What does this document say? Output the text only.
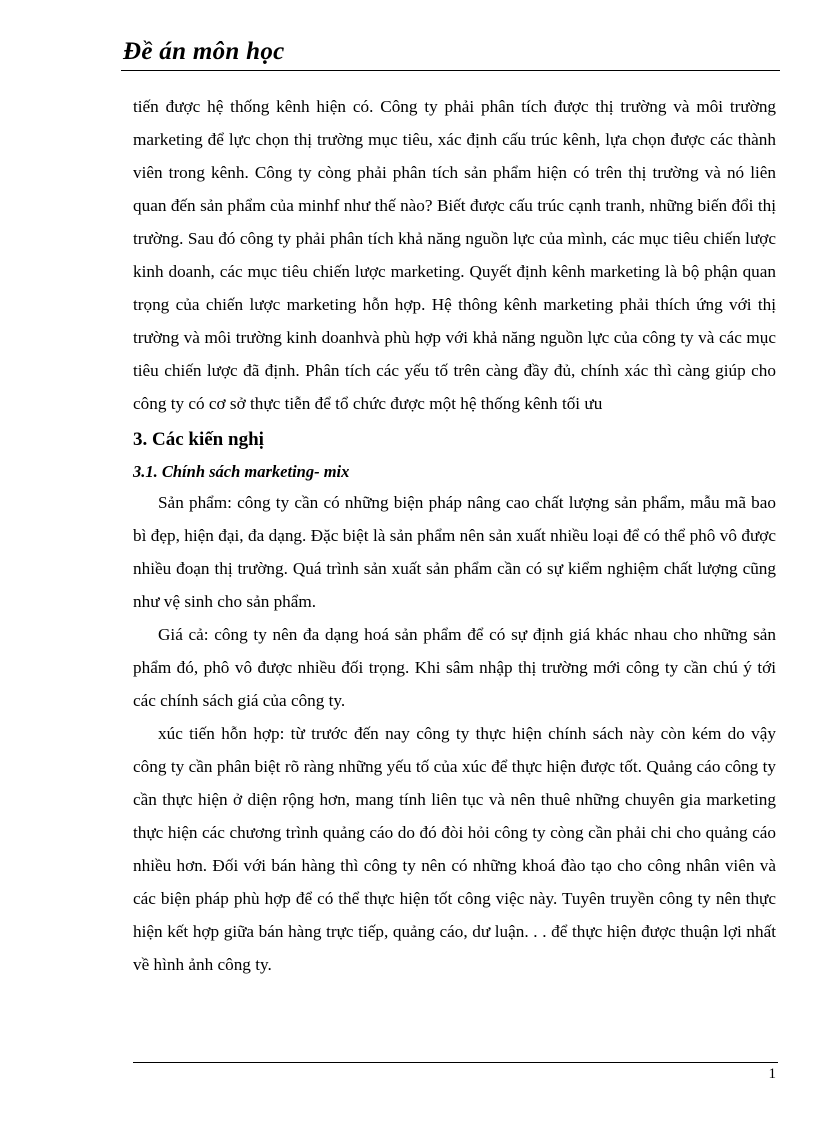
Đề án môn học

tiến được hệ thống kênh hiện có. Công ty phải phân tích được thị trường và môi trường marketing để lực chọn thị trường mục tiêu, xác định cấu trúc kênh, lựa chọn được các thành viên trong kênh. Công ty còng phải phân tích sản phẩm hiện có trên thị trường và nó liên quan đến sản phẩm của minhf như thế nào? Biết được cấu trúc cạnh tranh, những biến đổi thị trường. Sau đó công ty phải phân tích khả năng nguồn lực của mình, các mục tiêu chiến lược kinh doanh, các mục tiêu chiến lược marketing. Quyết định kênh marketing là bộ phận quan trọng của chiến lược marketing hỗn hợp. Hệ thông kênh marketing phải thích ứng với thị trường và môi trường kinh doanhvà phù hợp với khả năng nguồn lực của công ty và các mục tiêu chiến lược đã định. Phân tích các yếu tố trên càng đầy đủ, chính xác thì càng giúp cho công ty có cơ sở thực tiễn để tổ chức được một hệ thống kênh tối ưu

3. Các kiến nghị
3.1. Chính sách marketing- mix

Sản phẩm: công ty cần có những biện pháp nâng cao chất lượng sản phẩm, mẫu mã bao bì đẹp, hiện đại, đa dạng. Đặc biệt là sản phẩm nên sản xuất nhiều loại để có thể phô vô được nhiều đoạn thị trường. Quá trình sản xuất sản phẩm cần có sự kiểm nghiệm chất lượng cũng như vệ sinh cho sản phẩm.

Giá cả: công ty nên đa dạng hoá sản phẩm để có sự định giá khác nhau cho những sản phẩm đó, phô vô được nhiều đối trọng. Khi sâm nhập thị trường mới công ty cần chú ý tới các chính sách giá của công ty.

xúc tiến hỗn hợp: từ trước đến nay công ty thực hiện chính sách này còn kém do vậy công ty cần phân biệt rõ ràng những yếu tố của xúc để thực hiện được tốt. Quảng cáo công ty cần thực hiện ở diện rộng hơn, mang tính liên tục và nên thuê những chuyên gia marketing thực hiện các chương trình quảng cáo do đó đòi hỏi công ty còng cần phải chi cho quảng cáo nhiều hơn. Đối với bán hàng thì công ty nên có những khoá đào tạo cho công nhân viên và các biện pháp phù hợp để có thể thực hiện tốt công việc này. Tuyên truyền công ty nên thực hiện kết hợp giữa bán hàng trực tiếp, quảng cáo, dư luận. . . để thực hiện được thuận lợi nhất về hình ảnh công ty.

1
